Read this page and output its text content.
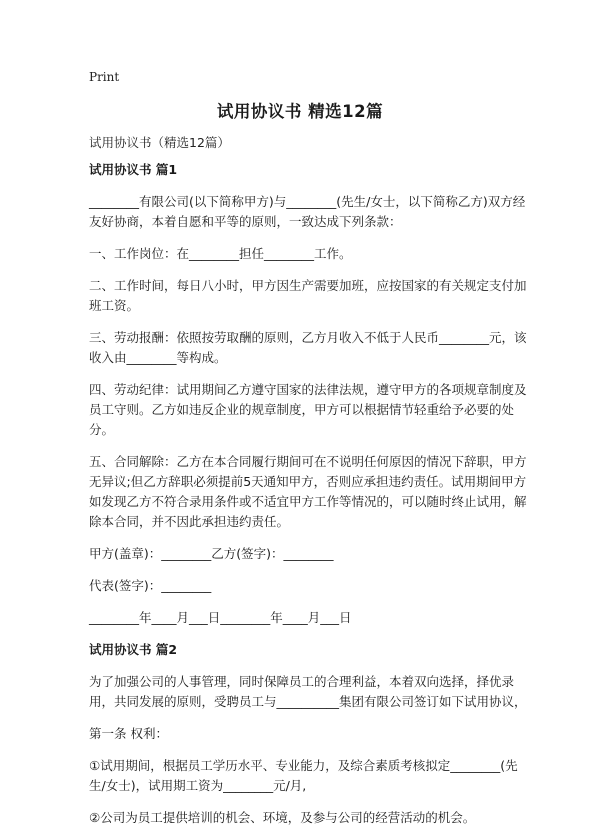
Print
试用协议书 精选12篇
试用协议书（精选12篇）
试用协议书 篇1

________有限公司(以下简称甲方)与________(先生/女士，以下简称乙方)双方经友好协商，本着自愿和平等的原则，一致达成下列条款：

一、工作岗位：在________担任________工作。

二、工作时间，每日八小时，甲方因生产需要加班，应按国家的有关规定支付加班工资。

三、劳动报酬：依照按劳取酬的原则，乙方月收入不低于人民币________元，该收入由________等构成。

四、劳动纪律：试用期间乙方遵守国家的法律法规，遵守甲方的各项规章制度及员工守则。乙方如违反企业的规章制度，甲方可以根据情节轻重给予必要的处分。

五、合同解除：乙方在本合同履行期间可在不说明任何原因的情况下辞职，甲方无异议;但乙方辞职必须提前5天通知甲方，否则应承担违约责任。试用期间甲方如发现乙方不符合录用条件或不适宜甲方工作等情况的，可以随时终止试用，解除本合同，并不因此承担违约责任。

甲方(盖章)：________乙方(签字)：________

代表(签字)：________

________年____月___日________年____月___日

试用协议书 篇2

为了加强公司的人事管理，同时保障员工的合理利益，本着双向选择，择优录用，共同发展的原则，受聘员工与__________集团有限公司签订如下试用协议，

第一条 权利：

①试用期间，根据员工学历水平、专业能力，及综合素质考核拟定________(先生/女士)，试用期工资为________元/月,

②公司为员工提供培训的机会、环境，及参与公司的经营活动的机会。
